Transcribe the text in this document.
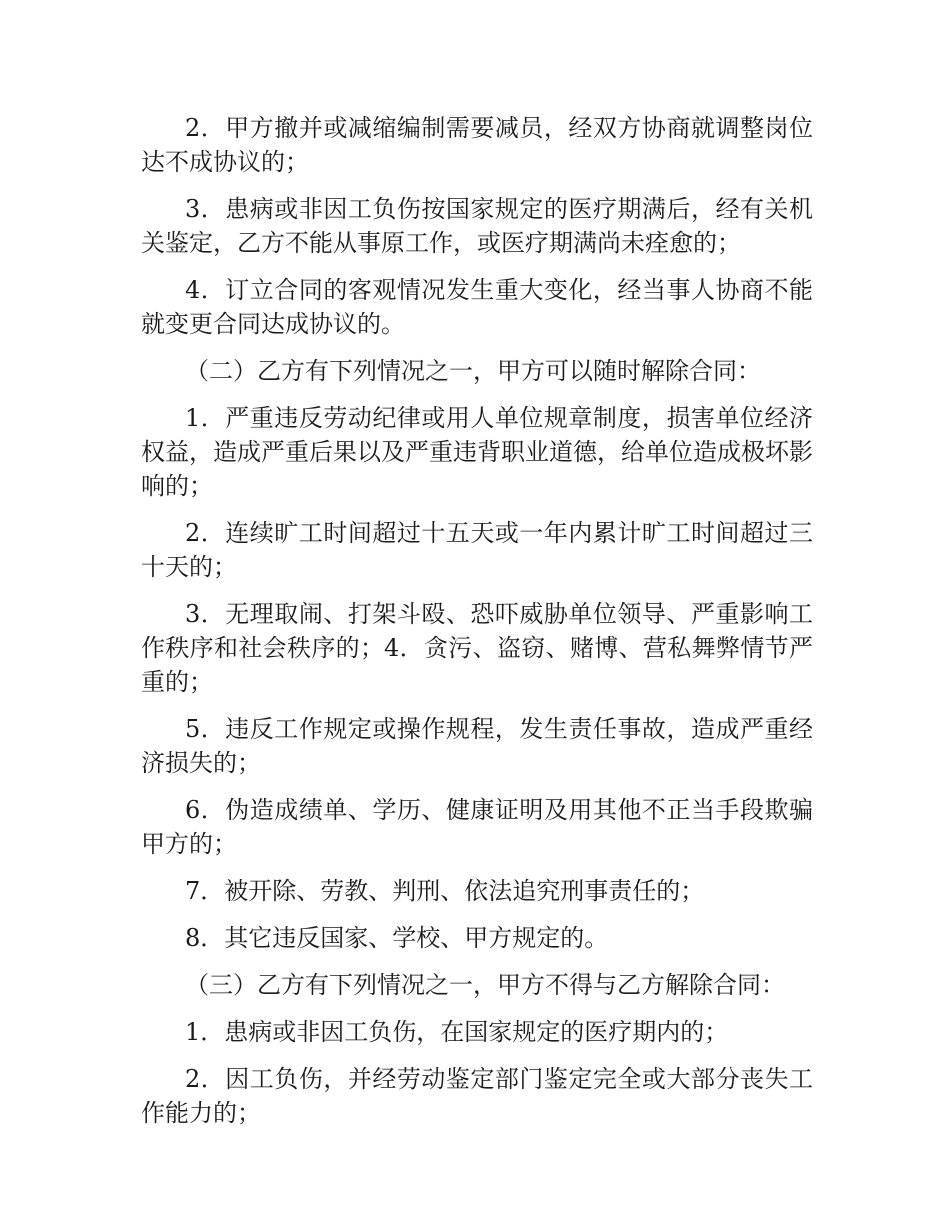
2．甲方撤并或减缩编制需要减员，经双方协商就调整岗位达不成协议的；

3．患病或非因工负伤按国家规定的医疗期满后，经有关机关鉴定，乙方不能从事原工作，或医疗期满尚未痊愈的；

4．订立合同的客观情况发生重大变化，经当事人协商不能就变更合同达成协议的。

（二）乙方有下列情况之一，甲方可以随时解除合同：

1．严重违反劳动纪律或用人单位规章制度，损害单位经济权益，造成严重后果以及严重违背职业道德，给单位造成极坏影响的；

2．连续旷工时间超过十五天或一年内累计旷工时间超过三十天的；

3．无理取闹、打架斗殴、恐吓威胁单位领导、严重影响工作秩序和社会秩序的；4．贪污、盗窃、赌博、营私舞弊情节严重的；

5．违反工作规定或操作规程，发生责任事故，造成严重经济损失的；

6．伪造成绩单、学历、健康证明及用其他不正当手段欺骗甲方的；

7．被开除、劳教、判刑、依法追究刑事责任的；

8．其它违反国家、学校、甲方规定的。

（三）乙方有下列情况之一，甲方不得与乙方解除合同：

1．患病或非因工负伤，在国家规定的医疗期内的；

2．因工负伤，并经劳动鉴定部门鉴定完全或大部分丧失工作能力的；
